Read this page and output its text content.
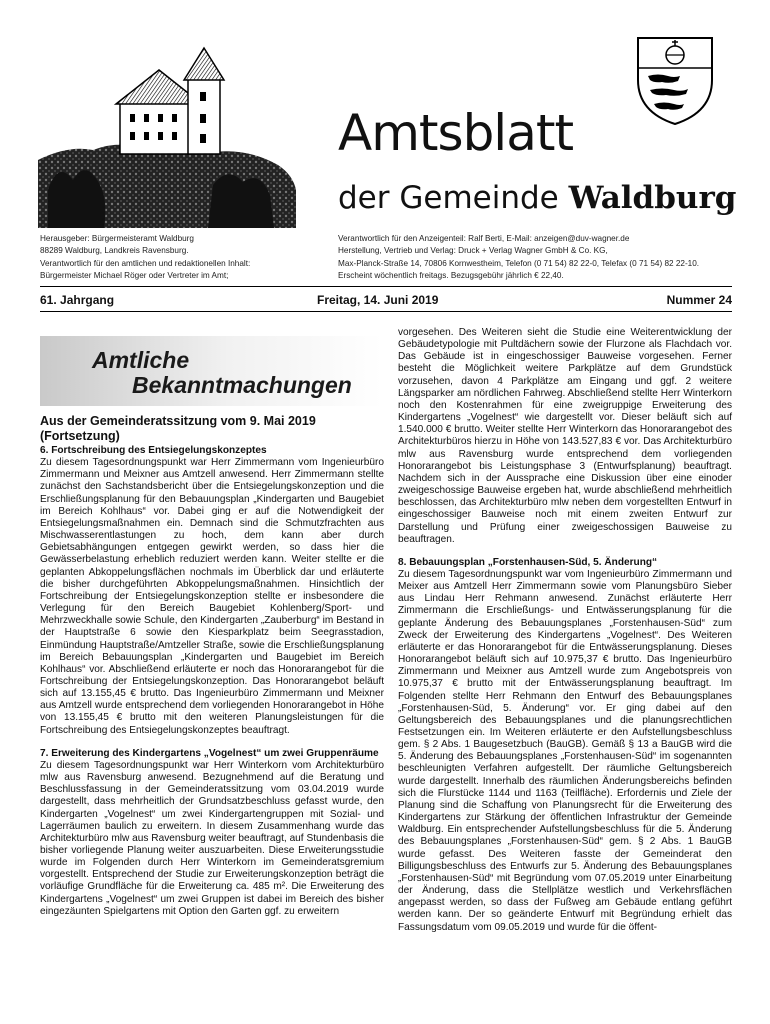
Amtsblatt
der Gemeinde Waldburg
Herausgeber: Bürgermeisteramt Waldburg
88289 Waldburg, Landkreis Ravensburg.
Verantwortlich für den amtlichen und redaktionellen Inhalt:
Bürgermeister Michael Röger oder Vertreter im Amt;
Verantwortlich für den Anzeigenteil: Ralf Berti, E-Mail: anzeigen@duv-wagner.de
Herstellung, Vertrieb und Verlag: Druck + Verlag Wagner GmbH & Co. KG,
Max-Planck-Straße 14, 70806 Kornwestheim, Telefon (0 71 54) 82 22-0, Telefax (0 71 54) 82 22-10.
Erscheint wöchentlich freitags. Bezugsgebühr jährlich € 22,40.
61. Jahrgang	Freitag, 14. Juni 2019	Nummer 24
Amtliche
Bekanntmachungen
Aus der Gemeinderatssitzung vom 9. Mai 2019 (Fortsetzung)
6. Fortschreibung des Entsiegelungskonzeptes

Zu diesem Tagesordnungspunkt war Herr Zimmermann vom Ingenieurbüro Zimmermann und Meixner aus Amtzell anwesend. Herr Zimmermann stellte zunächst den Sachstandsbericht über die Entsiegelungskonzeption und die Erschließungsplanung für den Bebauungsplan „Kindergarten und Baugebiet im Bereich Kohlhaus“ vor. Dabei ging er auf die Notwendigkeit der Entsiegelungsmaßnahmen ein. Demnach sind die Schmutzfrachten aus Mischwasserentlastungen zu hoch, dem kann aber durch Gebietsabhängungen entgegen gewirkt werden, so dass hier die Gewässerbelastung erheblich reduziert werden kann. Weiter stellte er die geplanten Abkoppelungsflächen nochmals im Überblick dar und erläuterte die bisher durchgeführten Abkoppelungsmaßnahmen. Hinsichtlich der Fortschreibung der Entsiegelungskonzeption stellte er insbesondere die Verlegung für den Bereich Baugebiet Kohlenberg/Sport- und Mehrzweckhalle sowie Schule, den Kindergarten „Zauberburg“ im Bestand in der Hauptstraße 6 sowie den Kiesparkplatz beim Seegrasstadion, Einmündung Hauptstraße/Amtzeller Straße, sowie die Erschließungsplanung im Bereich Bebauungsplan „Kindergarten und Baugebiet im Bereich Kohlhaus“ vor. Abschließend erläuterte er noch das Honorarangebot für die Fortschreibung der Entsiegelungskonzeption. Das Honorarangebot beläuft sich auf 13.155,45 € brutto. Das Ingenieurbüro Zimmermann und Meixner aus Amtzell wurde entsprechend dem vorliegenden Honorarangebot in Höhe von 13.155,45 € brutto mit den weiteren Planungsleistungen für die Fortschreibung des Entsiegelungskonzeptes beauftragt.

7. Erweiterung des Kindergartens „Vogelnest“ um zwei Gruppenräume

Zu diesem Tagesordnungspunkt war Herr Winterkorn vom Architekturbüro mlw aus Ravensburg anwesend. Bezugnehmend auf die Beratung und Beschlussfassung in der Gemeinderatssitzung vom 03.04.2019 wurde dargestellt, dass mehrheitlich der Grundsatzbeschluss gefasst wurde, den Kindergarten „Vogelnest“ um zwei Kindergartengruppen mit Sozial- und Lagerräumen baulich zu erweitern. In diesem Zusammenhang wurde das Architekturbüro mlw aus Ravensburg weiter beauftragt, auf Stundenbasis die bisher vorliegende Planung weiter auszuarbeiten. Diese Erweiterungsstudie wurde im Folgenden durch Herr Winterkorn im Gemeinderatsgremium vorgestellt. Entsprechend der Studie zur Erweiterungskonzeption beträgt die vorläufige Grundfläche für die Erweiterung ca. 485 m². Die Erweiterung des Kindergartens „Vogelnest“ um zwei Gruppen ist dabei im Bereich des bisher eingezäunten Spielgartens mit Option den Garten ggf. zu erweitern

vorgesehen. Des Weiteren sieht die Studie eine Weiterentwicklung der Gebäudetypologie mit Pultdächern sowie der Flurzone als Flachdach vor. Das Gebäude ist in eingeschossiger Bauweise vorgesehen. Ferner besteht die Möglichkeit weitere Parkplätze auf dem Grundstück vorzusehen, davon 4 Parkplätze am Eingang und ggf. 2 weitere Längsparker am nördlichen Fahrweg. Abschließend stellte Herr Winterkorn noch den Kostenrahmen für eine zweigruppige Erweiterung des Kindergartens „Vogelnest“ wie dargestellt vor. Dieser beläuft sich auf 1.540.000 € brutto. Weiter stellte Herr Winterkorn das Honorarangebot des Architekturbüros hierzu in Höhe von 143.527,83 € vor. Das Architekturbüro mlw aus Ravensburg wurde entsprechend dem vorliegenden Honorarangebot bis Leistungsphase 3 (Entwurfsplanung) beauftragt. Nachdem sich in der Aussprache eine Diskussion über eine einoder zweigeschossige Bauweise ergeben hat, wurde abschließend mehrheitlich beschlossen, das Architekturbüro mlw neben dem vorgestellten Entwurf in eingeschossiger Bauweise noch mit einem zweiten Entwurf zur Darstellung und Prüfung einer zweigeschossigen Bauweise zu beauftragen.

8. Bebauungsplan „Forstenhausen-Süd, 5. Änderung“

Zu diesem Tagesordnungspunkt war vom Ingenieurbüro Zimmermann und Meixer aus Amtzell Herr Zimmermann sowie vom Planungsbüro Sieber aus Lindau Herr Rehmann anwesend. Zunächst erläuterte Herr Zimmermann die Erschließungs- und Entwässerungsplanung für die geplante Änderung des Bebauungsplanes „Forstenhausen-Süd“ zum Zweck der Erweiterung des Kindergartens „Vogelnest“. Des Weiteren erläuterte er das Honorarangebot für die Entwässerungsplanung. Dieses Honorarangebot beläuft sich auf 10.975,37 € brutto. Das Ingenieurbüro Zimmermann und Meixner aus Amtzell wurde zum Angebotspreis von 10.975,37 € brutto mit der Entwässerungsplanung beauftragt. Im Folgenden stellte Herr Rehmann den Entwurf des Bebauungsplanes „Forstenhausen-Süd, 5. Änderung“ vor. Er ging dabei auf den Geltungsbereich des Bebauungsplanes und die planungsrechtlichen Festsetzungen ein. Im Weiteren erläuterte er den Aufstellungsbeschluss gem. § 2 Abs. 1 Baugesetzbuch (BauGB). Gemäß § 13 a BauGB wird die 5. Änderung des Bebauungsplanes „Forstenhausen-Süd“ im sogenannten beschleunigten Verfahren aufgestellt. Der räumliche Geltungsbereich wurde dargestellt. Innerhalb des räumlichen Änderungsbereichs befinden sich die Flurstücke 1144 und 1163 (Teilfläche). Erfordernis und Ziele der Planung sind die Schaffung von Planungsrecht für die Erweiterung des Kindergartens zur Stärkung der öffentlichen Infrastruktur der Gemeinde Waldburg. Ein entsprechender Aufstellungsbeschluss für die 5. Änderung des Bebauungsplanes „Forstenhausen-Süd“ gem. § 2 Abs. 1 BauGB wurde gefasst. Des Weiteren fasste der Gemeinderat den Billigungsbeschluss des Entwurfs zur 5. Änderung des Bebauungsplanes „Forstenhausen-Süd“ mit Begründung vom 07.05.2019 unter Einarbeitung der Änderung, dass die Stellplätze westlich und Verkehrsflächen angepasst werden, so dass der Fußweg am Gebäude entlang geführt werden kann. Der so geänderte Entwurf mit Begründung erhielt das Fassungsdatum vom 09.05.2019 und wurde für die öffent-
